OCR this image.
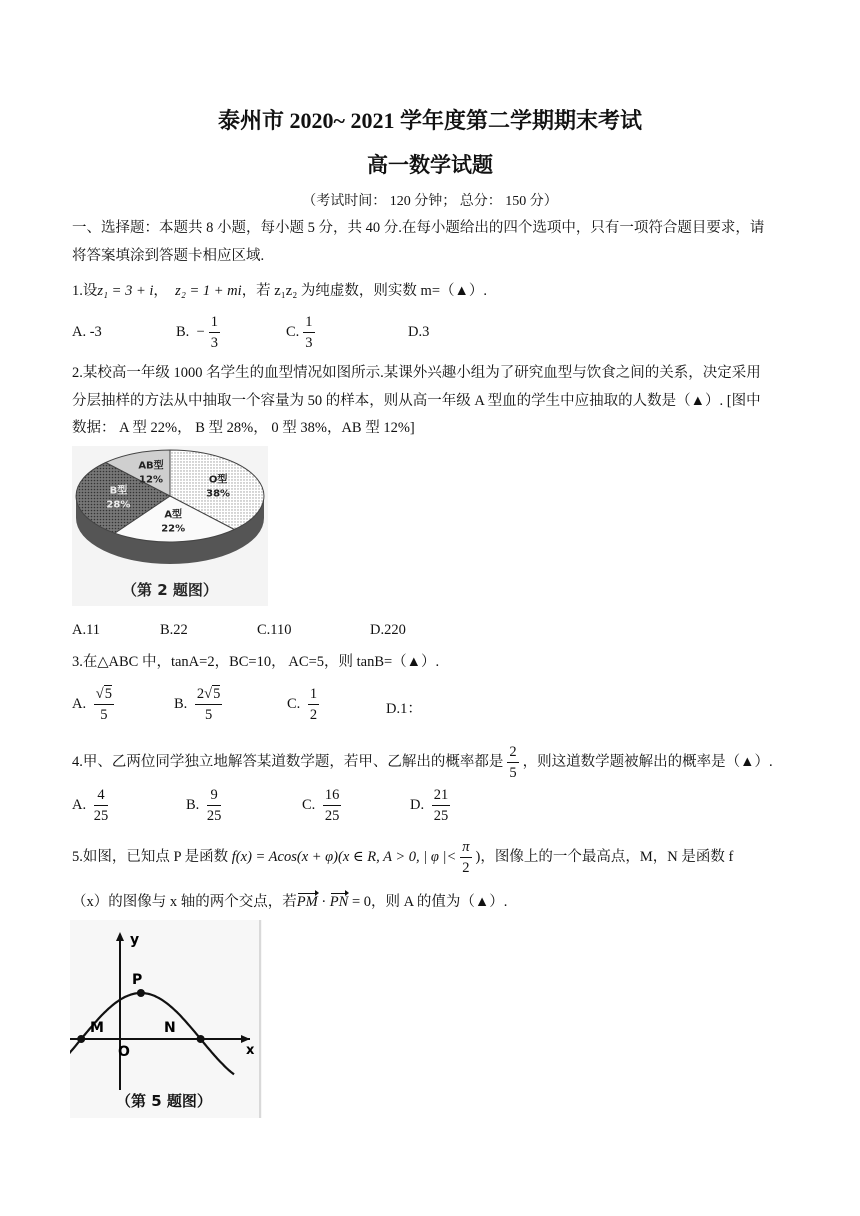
泰州市 2020~ 2021 学年度第二学期期末考试
高一数学试题
（考试时间： 120 分钟； 总分： 150 分）
一、选择题：本题共 8 小题，每小题 5 分，共 40 分.在每小题给出的四个选项中，只有一项符合题目要求，请
将答案填涂到答题卡相应区域.
1.设z₁ = 3 + i， z₂ = 1 + mi，若 z₁z₂ 为纯虚数，则实数 m=（▲）.
A. -3	B. − $\frac{1}{3}$	C. $\frac{1}{3}$	D.3
2.某校高一年级 1000 名学生的血型情况如图所示.某课外兴趣小组为了研究血型与饮食之间的关系，决定采用
分层抽样的方法从中抽取一个容量为 50 的样本，则从高一年级 A 型血的学生中应抽取的人数是（▲）. [图中
数据： A 型 22%， B 型 28%， 0 型 38%，AB 型 12%]
O型
38%
A型
22%
B型
28%
AB型
12%
（第 2 题图）
A.11	B.22	C.110	D.220
3.在△ABC 中，tanA=2，BC=10， AC=5，则 tanB=（▲）.
A. $\frac{√5}{5}$	B. $\frac{2√5}{5}$	C. $\frac{1}{2}$	D.1：
4.甲、乙两位同学独立地解答某道数学题，若甲、乙解出的概率都是 $\frac{2}{5}$ ，则这道数学题被解出的概率是（▲）.
A. $\frac{4}{25}$	B. $\frac{9}{25}$	C. $\frac{16}{25}$	D. $\frac{21}{25}$
5.如图，已知点 P 是函数 f(x) = Acos(x + φ)(x ∈ R, A > 0, | φ |< $\frac{\pi}{2}$ )，图像上的一个最高点，M，N 是函数 f
（x）的图像与 x 轴的两个交点，若PM · PN = 0，则 A 的值为（▲）.
y
x
P
M	N
O
（第 5 题图）
